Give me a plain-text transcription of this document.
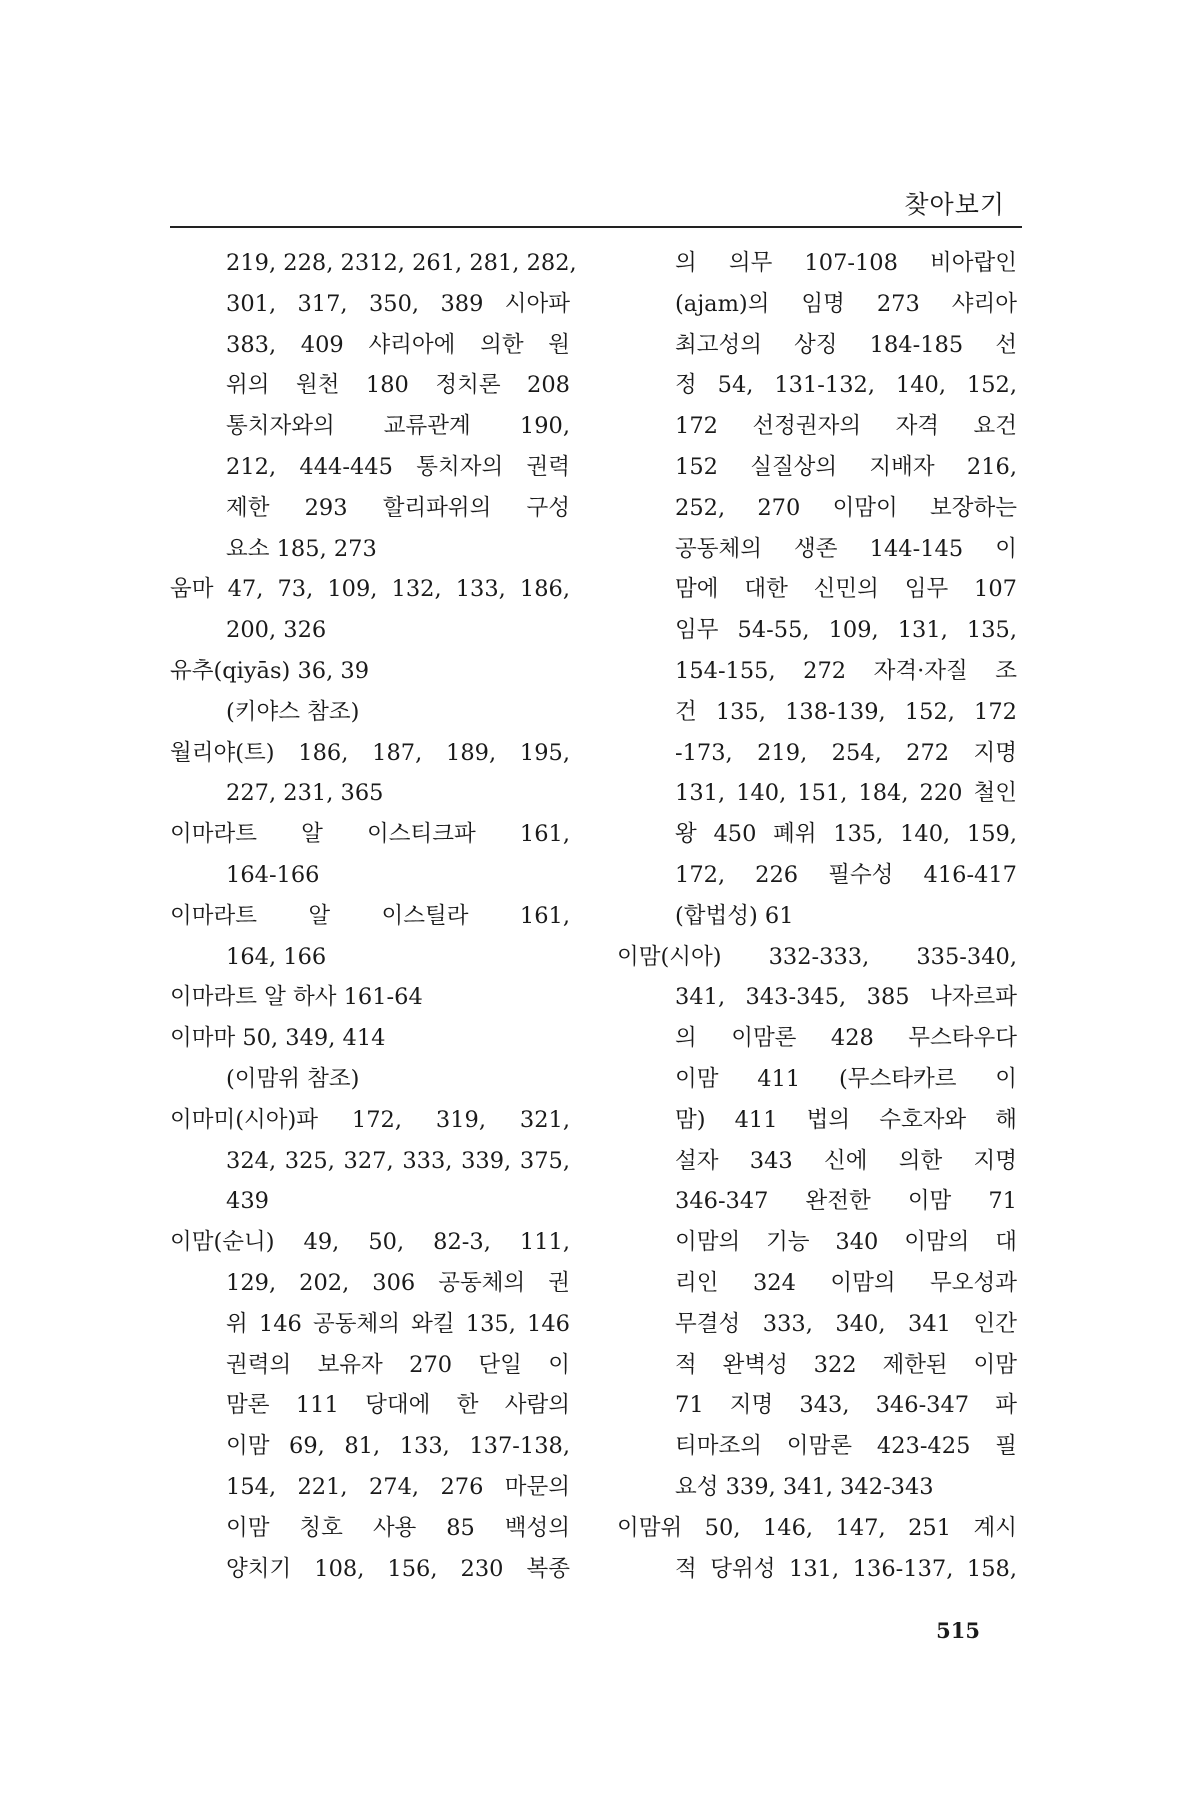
찾아보기
219, 228, 2312, 261, 281, 282,
301, 317, 350, 389 시아파
383, 409 샤리아에 의한 원
위의 원천 180 정치론 208
통치자와의 교류관계 190,
212, 444-445 통치자의 권력
제한 293 할리파위의 구성
요소 185, 273
움마 47, 73, 109, 132, 133, 186,
200, 326
유추(qiyās) 36, 39
(키야스 참조)
월리야(트) 186, 187, 189, 195,
227, 231, 365
이마라트 알 이스티크파 161,
164-166
이마라트 알 이스틸라 161,
164, 166
이마라트 알 하사 161-64
이마마 50, 349, 414
(이맘위 참조)
이마미(시아)파 172, 319, 321,
324, 325, 327, 333, 339, 375,
439
이맘(순니) 49, 50, 82-3, 111,
129, 202, 306 공동체의 권
위 146 공동체의 와킬 135, 146
권력의 보유자 270 단일 이
맘론 111 당대에 한 사람의
이맘 69, 81, 133, 137-138,
154, 221, 274, 276 마문의
이맘 칭호 사용 85 백성의
양치기 108, 156, 230 복종
의 의무 107-108 비아랍인
(ajam)의 임명 273 샤리아
최고성의 상징 184-185 선
정 54, 131-132, 140, 152,
172 선정권자의 자격 요건
152 실질상의 지배자 216,
252, 270 이맘이 보장하는
공동체의 생존 144-145 이
맘에 대한 신민의 임무 107
임무 54-55, 109, 131, 135,
154-155, 272 자격·자질 조
건 135, 138-139, 152, 172
-173, 219, 254, 272 지명
131, 140, 151, 184, 220 철인
왕 450 폐위 135, 140, 159,
172, 226 필수성 416-417
(합법성) 61
이맘(시아) 332-333, 335-340,
341, 343-345, 385 나자르파
의 이맘론 428 무스타우다
이맘 411 (무스타카르 이
맘) 411 법의 수호자와 해
설자 343 신에 의한 지명
346-347 완전한 이맘 71
이맘의 기능 340 이맘의 대
리인 324 이맘의 무오성과
무결성 333, 340, 341 인간
적 완벽성 322 제한된 이맘
71 지명 343, 346-347 파
티마조의 이맘론 423-425 필
요성 339, 341, 342-343
이맘위 50, 146, 147, 251 계시
적 당위성 131, 136-137, 158,
515
